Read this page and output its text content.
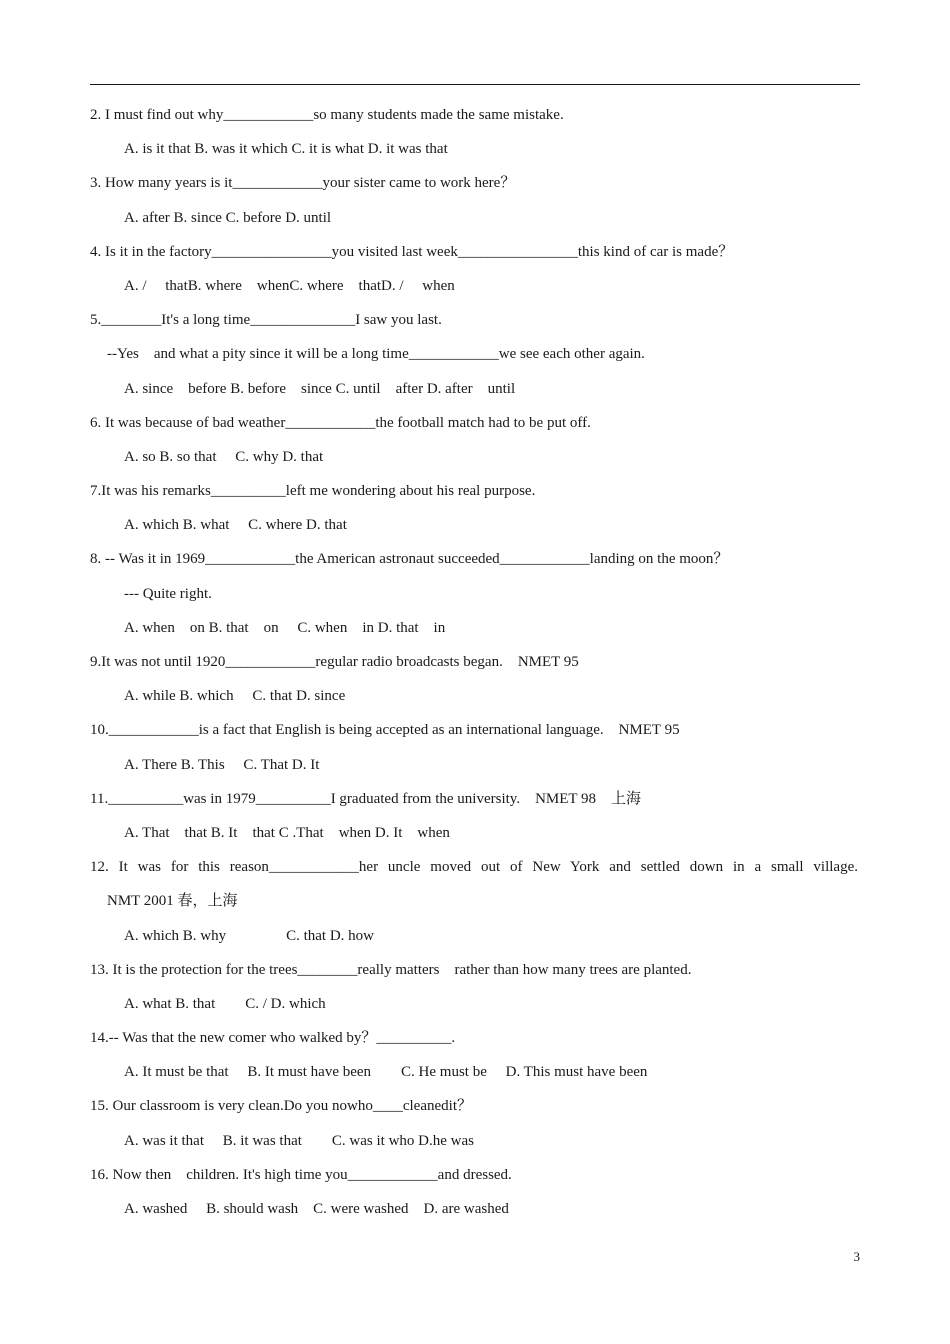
2. I must find out why____________so many students made the same mistake.
A. is it that B. was it which C. it is what D. it was that
3. How many years is it____________your sister came to work here？
A. after B. since C. before D. until
4. Is it in the factory________________you visited last week________________this kind of car is made？
A. /　 thatB. where　whenC. where　thatD. /　 when
5.________It's a long time______________I saw you last.
--Yes　and what a pity since it will be a long time____________we see each other again.
A. since　before B. before　since C. until　after D. after　until
6. It was because of bad weather____________the football match had to be put off.
A. so B. so that　 C. why D. that
7.It was his remarks__________left me wondering about his real purpose.
A. which B. what　 C. where D. that
8. -- Was it in 1969____________the American astronaut succeeded____________landing on the moon？
--- Quite right.
A. when　on B. that　on　 C. when　in D. that　in
9.It was not until 1920____________regular radio broadcasts began.　NMET 95
A. while B. which　 C. that D. since
10.____________is a fact that English is being accepted as an international language.　NMET 95
A. There B. This　 C. That D. It
11.__________was in 1979__________I graduated from the university.　NMET 98　上海
A. That　that B. It　that C .That　when D. It　when
12. It was for this reason____________her uncle moved out of New York and settled down in a small village.
NMT 2001 春，上海
A. which B. why　　　　C. that D. how
13. It is the protection for the trees________really matters　rather than how many trees are planted.
A. what B. that　　C. / D. which
14.-- Was that the new comer who walked by？__________.
A. It must be that　 B. It must have been　　C. He must be　 D. This must have been
15. Our classroom is very clean.Do you nowho____cleanedit？
A. was it that　 B. it was that　　C. was it who D.he was
16. Now then　children. It's high time you____________and dressed.
A. washed　 B. should wash　C. were washed　D. are washed
3
